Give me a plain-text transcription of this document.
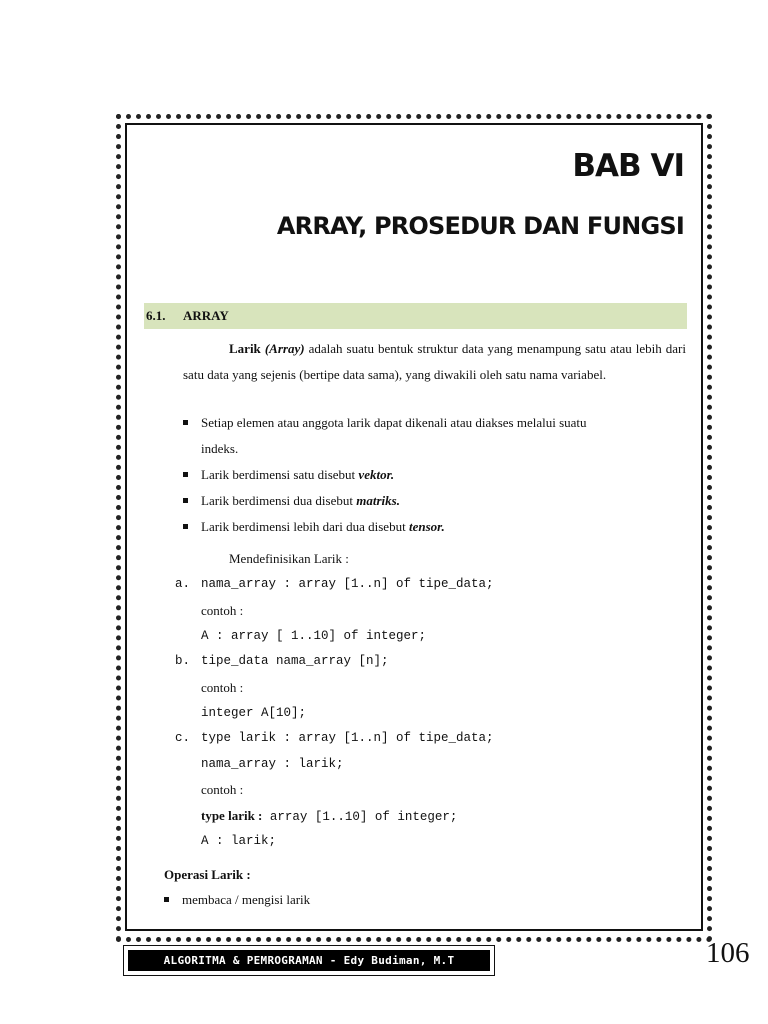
BAB VI
ARRAY, PROSEDUR DAN FUNGSI
6.1.	ARRAY
Larik (Array) adalah suatu bentuk struktur data yang menampung satu atau lebih dari satu data yang sejenis (bertipe data sama), yang diwakili oleh satu nama variabel.
Setiap elemen atau anggota larik dapat dikenali atau diakses melalui suatu
indeks.
Larik berdimensi satu disebut vektor.
Larik berdimensi dua disebut matriks.
Larik berdimensi lebih dari dua disebut tensor.
Mendefinisikan Larik :
a. nama_array : array [1..n] of tipe_data;
contoh :
A : array [ 1..10] of integer;
b. tipe_data nama_array [n];
contoh :
integer A[10];
c. type larik : array [1..n] of tipe_data;
nama_array : larik;
contoh :
type larik : array [1..10] of integer;
A : larik;
Operasi Larik :
membaca / mengisi larik
ALGORITMA & PEMROGRAMAN - Edy Budiman, M.T	106
